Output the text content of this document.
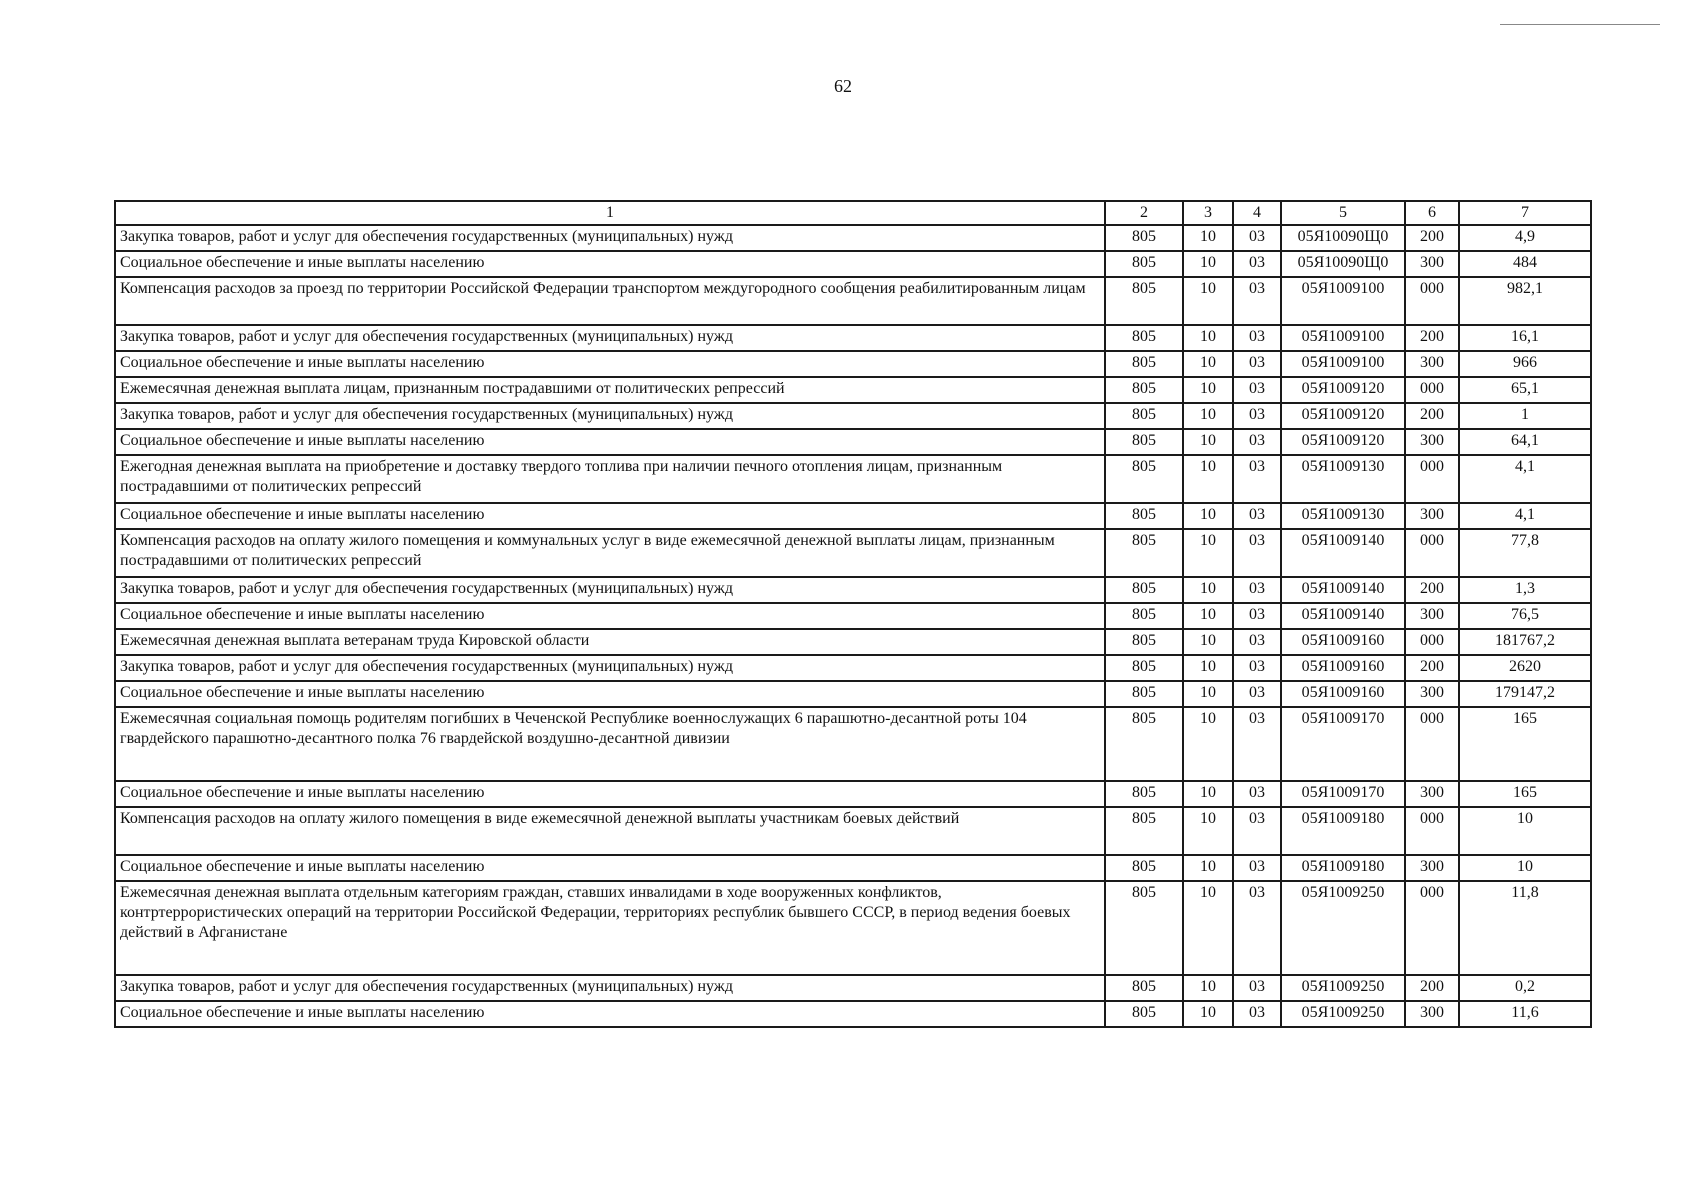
62
1	2	3	4	5	6	7
Закупка товаров, работ и услуг для обеспечения государственных (муниципальных) нужд	805	10	03	05Я10090Щ0	200	4,9
Социальное обеспечение и иные выплаты населению	805	10	03	05Я10090Щ0	300	484
Компенсация расходов за проезд по территории Российской Федерации транспортом междугородного сообщения реабилитированным лицам	805	10	03	05Я1009100	000	982,1
Закупка товаров, работ и услуг для обеспечения государственных (муниципальных) нужд	805	10	03	05Я1009100	200	16,1
Социальное обеспечение и иные выплаты населению	805	10	03	05Я1009100	300	966
Ежемесячная денежная выплата лицам, признанным пострадавшими от политических репрессий	805	10	03	05Я1009120	000	65,1
Закупка товаров, работ и услуг для обеспечения государственных (муниципальных) нужд	805	10	03	05Я1009120	200	1
Социальное обеспечение и иные выплаты населению	805	10	03	05Я1009120	300	64,1
Ежегодная денежная выплата на приобретение и доставку твердого топлива при наличии печного отопления лицам, признанным пострадавшими от политических репрессий	805	10	03	05Я1009130	000	4,1
Социальное обеспечение и иные выплаты населению	805	10	03	05Я1009130	300	4,1
Компенсация расходов на оплату жилого помещения и коммунальных услуг в виде ежемесячной денежной выплаты лицам, признанным пострадавшими от политических репрессий	805	10	03	05Я1009140	000	77,8
Закупка товаров, работ и услуг для обеспечения государственных (муниципальных) нужд	805	10	03	05Я1009140	200	1,3
Социальное обеспечение и иные выплаты населению	805	10	03	05Я1009140	300	76,5
Ежемесячная денежная выплата ветеранам труда Кировской области	805	10	03	05Я1009160	000	181767,2
Закупка товаров, работ и услуг для обеспечения государственных (муниципальных) нужд	805	10	03	05Я1009160	200	2620
Социальное обеспечение и иные выплаты населению	805	10	03	05Я1009160	300	179147,2
Ежемесячная социальная помощь родителям погибших в Чеченской Республике военнослужащих 6 парашютно-десантной роты 104 гвардейского парашютно-десантного полка 76 гвардейской воздушно-десантной дивизии	805	10	03	05Я1009170	000	165
Социальное обеспечение и иные выплаты населению	805	10	03	05Я1009170	300	165
Компенсация расходов на оплату жилого помещения в виде ежемесячной денежной выплаты участникам боевых действий	805	10	03	05Я1009180	000	10
Социальное обеспечение и иные выплаты населению	805	10	03	05Я1009180	300	10
Ежемесячная денежная выплата отдельным категориям граждан, ставших инвалидами в ходе вооруженных конфликтов, контртеррористических операций на территории Российской Федерации, территориях республик бывшего СССР, в период ведения боевых действий в Афганистане	805	10	03	05Я1009250	000	11,8
Закупка товаров, работ и услуг для обеспечения государственных (муниципальных) нужд	805	10	03	05Я1009250	200	0,2
Социальное обеспечение и иные выплаты населению	805	10	03	05Я1009250	300	11,6
